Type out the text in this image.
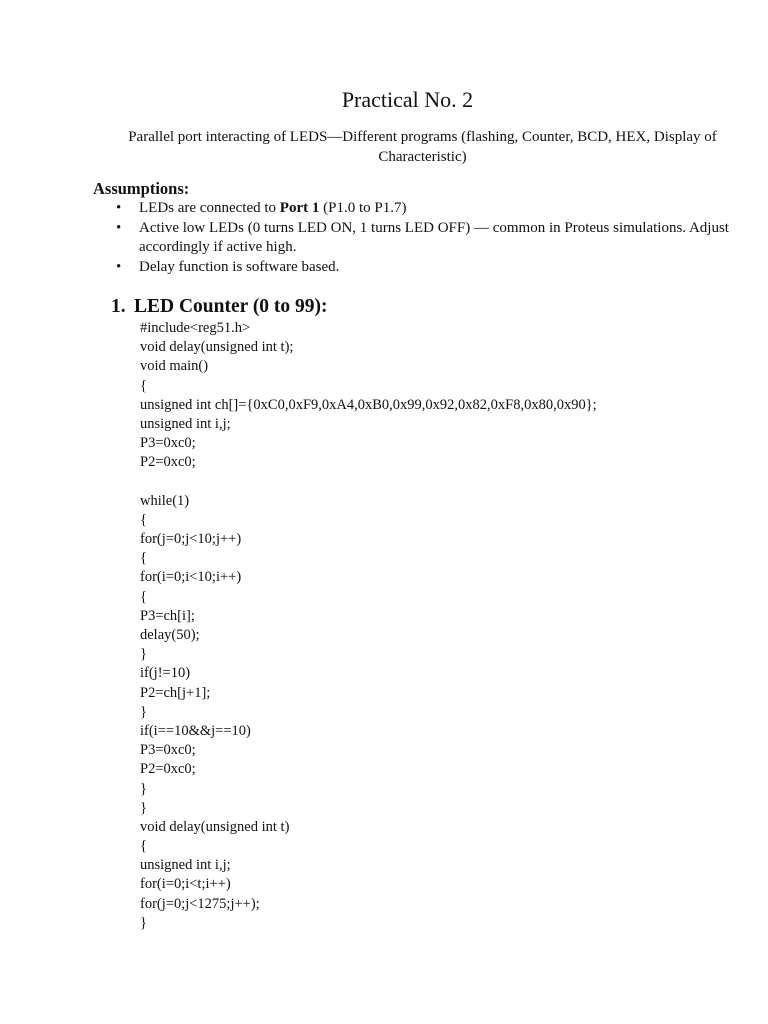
Practical No. 2
Parallel port interacting of LEDS—Different programs (flashing, Counter, BCD, HEX, Display of Characteristic)
Assumptions:
• LEDs are connected to Port 1 (P1.0 to P1.7)
• Active low LEDs (0 turns LED ON, 1 turns LED OFF) — common in Proteus simulations. Adjust accordingly if active high.
• Delay function is software based.
1. LED Counter (0 to 99):
#include<reg51.h>
void delay(unsigned int t);
void main()
{
unsigned int ch[]={0xC0,0xF9,0xA4,0xB0,0x99,0x92,0x82,0xF8,0x80,0x90};
unsigned int i,j;
P3=0xc0;
P2=0xc0;
while(1)
{
for(j=0;j<10;j++)
{
for(i=0;i<10;i++)
{
P3=ch[i];
delay(50);
}
if(j!=10)
P2=ch[j+1];
}
if(i==10&&j==10)
P3=0xc0;
P2=0xc0;
}
}
void delay(unsigned int t)
{
unsigned int i,j;
for(i=0;i<t;i++)
for(j=0;j<1275;j++);
}
